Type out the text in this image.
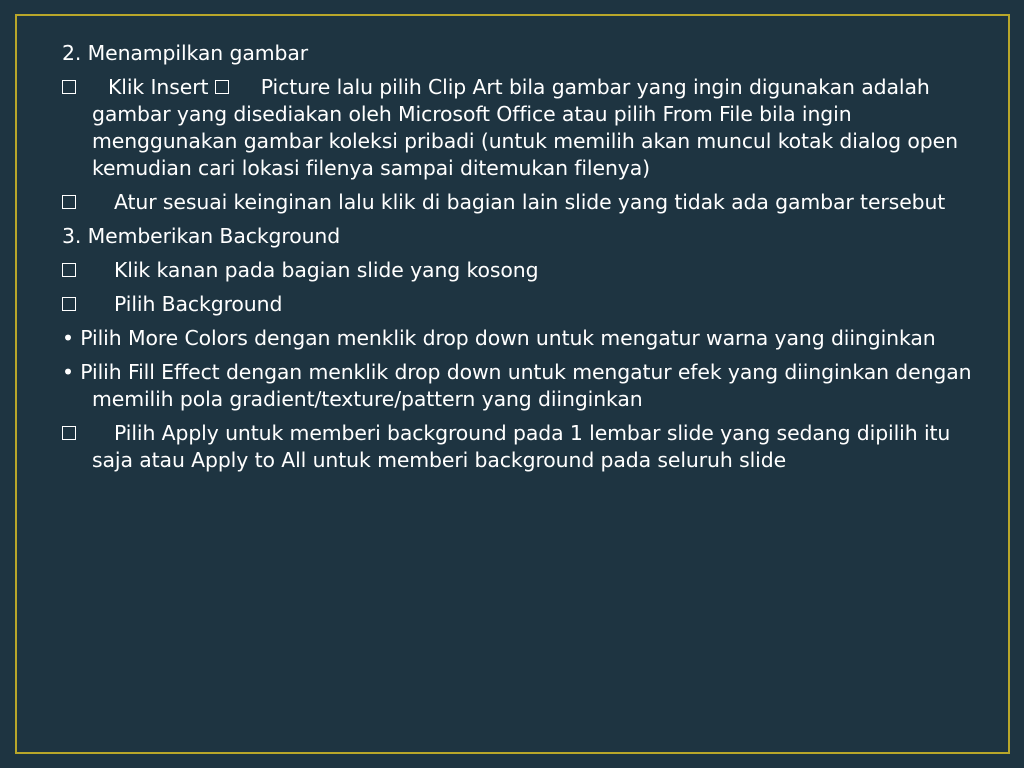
2. Menampilkan gambar
Klik Insert Picture lalu pilih Clip Art bila gambar yang ingin digunakan adalah gambar yang disediakan oleh Microsoft Office atau pilih From File bila ingin menggunakan gambar koleksi pribadi (untuk memilih akan muncul kotak dialog open kemudian cari lokasi filenya sampai ditemukan filenya)
Atur sesuai keinginan lalu klik di bagian lain slide yang tidak ada gambar tersebut
3. Memberikan Background
Klik kanan pada bagian slide yang kosong
Pilih Background
• Pilih More Colors dengan menklik drop down untuk mengatur warna yang diinginkan
• Pilih Fill Effect dengan menklik drop down untuk mengatur efek yang diinginkan dengan memilih pola gradient/texture/pattern yang diinginkan
Pilih Apply untuk memberi background pada 1 lembar slide yang sedang dipilih itu saja atau Apply to All untuk memberi background pada seluruh slide
